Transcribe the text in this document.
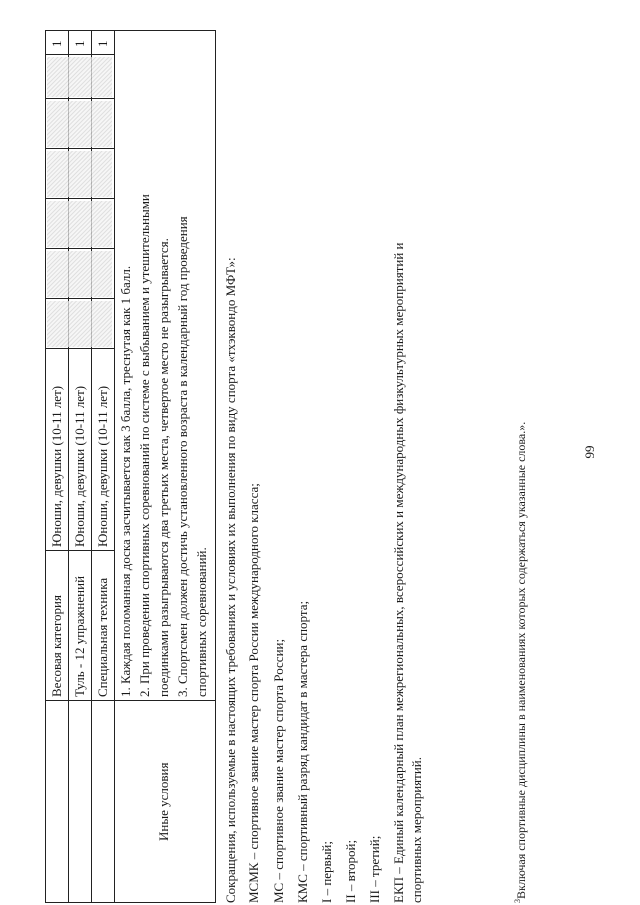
99
Весовая категория
Юноши, девушки (10-11 лет)
1
Туль - 12 упражнений
Юноши, девушки (10-11 лет)
1
Специальная техника
Юноши, девушки (10-11 лет)
1
Иные условия
1. Каждая поломанная доска засчитывается как 3 балла, треснутая как 1 балл. 2. При проведении спортивных соревнований по системе с выбыванием и утешительными поединками разыгрываются два третьих места, четвертое место не разыгрывается. 3. Спортсмен должен достичь установленного возраста в календарный год проведения спортивных соревнований. Сокращения, используемые в настоящих требованиях и условиях их выполнения по виду спорта «тхэквондо МФТ»: МСМК – спортивное звание мастер спорта России международного класса; МС – спортивное звание мастер спорта России; КМС – спортивный разряд кандидат в мастера спорта; I – первый; II – второй; III – третий; ЕКП – Единый календарный план межрегиональных, всероссийских и международных физкультурных мероприятий и спортивных мероприятий.	$^3$Включая спортивные дисциплины в наименованиях которых содержаться указанные слова.».
